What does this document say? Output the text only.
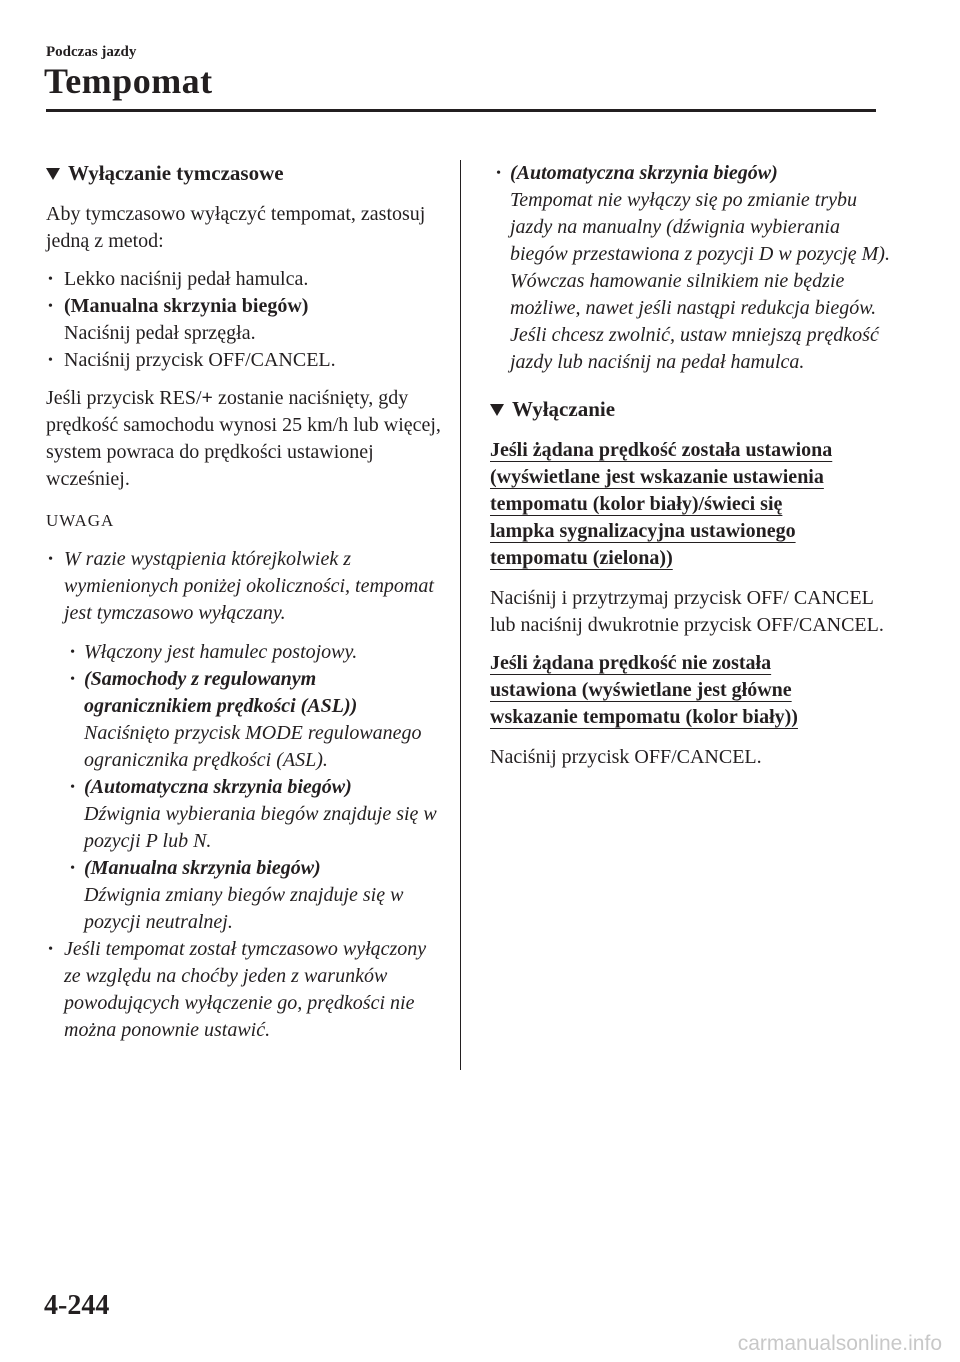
Podczas jazdy
Tempomat
Wyłączanie tymczasowe

Aby tymczasowo wyłączyć tempomat, zastosuj jedną z metod:

• Lekko naciśnij pedał hamulca.
• (Manualna skrzynia biegów)
Naciśnij pedał sprzęgła.
• Naciśnij przycisk OFF/CANCEL.

Jeśli przycisk RES/+ zostanie naciśnięty, gdy prędkość samochodu wynosi 25 km/h lub więcej, system powraca do prędkości ustawionej wcześniej.

UWAGA
• W razie wystąpienia którejkolwiek z wymienionych poniżej okoliczności, tempomat jest tymczasowo wyłączany.
• Włączony jest hamulec postojowy.
• (Samochody z regulowanym ogranicznikiem prędkości (ASL))
Naciśnięto przycisk MODE regulowanego ogranicznika prędkości (ASL).
• (Automatyczna skrzynia biegów)
Dźwignia wybierania biegów znajduje się w pozycji P lub N.
• (Manualna skrzynia biegów)
Dźwignia zmiany biegów znajduje się w pozycji neutralnej.
• Jeśli tempomat został tymczasowo wyłączony ze względu na choćby jeden z warunków powodujących wyłączenie go, prędkości nie można ponownie ustawić.
• (Automatyczna skrzynia biegów)
Tempomat nie wyłączy się po zmianie trybu jazdy na manualny (dźwignia wybierania biegów przestawiona z pozycji D w pozycję M). Wówczas hamowanie silnikiem nie będzie możliwe, nawet jeśli nastąpi redukcja biegów. Jeśli chcesz zwolnić, ustaw mniejszą prędkość jazdy lub naciśnij na pedał hamulca.
Wyłączanie
Jeśli żądana prędkość została ustawiona
(wyświetlane jest wskazanie ustawienia
tempomatu (kolor biały)/świeci się
lampka sygnalizacyjna ustawionego
tempomatu (zielona))

Naciśnij i przytrzymaj przycisk OFF/ CANCEL lub naciśnij dwukrotnie przycisk OFF/CANCEL.

Jeśli żądana prędkość nie została
ustawiona (wyświetlane jest główne
wskazanie tempomatu (kolor biały))

Naciśnij przycisk OFF/CANCEL.

4-244
carmanualsonline.info
